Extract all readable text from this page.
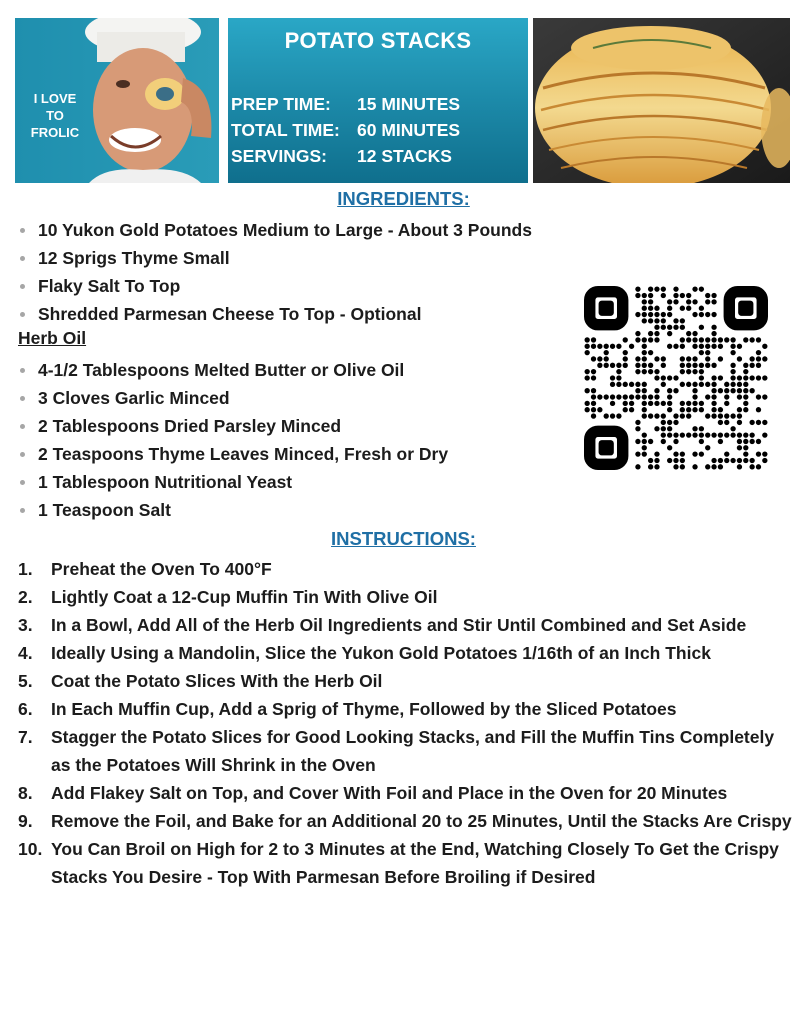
I LOVE
TO
FROLIC
POTATO STACKS
PREP TIME:	15 MINUTES
TOTAL TIME: 60 MINUTES
SERVINGS:	12 STACKS
INGREDIENTS:
10 Yukon Gold Potatoes Medium to Large - About 3 Pounds
12 Sprigs Thyme Small
Flaky Salt To Top
Shredded Parmesan Cheese To Top - Optional
Herb Oil
4-1/2 Tablespoons Melted Butter or Olive Oil
3 Cloves Garlic Minced
2 Tablespoons Dried Parsley Minced
2 Teaspoons Thyme Leaves Minced, Fresh or Dry
1 Tablespoon Nutritional Yeast
1 Teaspoon Salt
INSTRUCTIONS:
1.	Preheat the Oven To 400°F
2.	Lightly Coat a 12-Cup Muffin Tin With Olive Oil
3.	In a Bowl, Add All of the Herb Oil Ingredients and Stir Until Combined and Set Aside
4.	Ideally Using a Mandolin, Slice the Yukon Gold Potatoes 1/16th of an Inch Thick
5.	Coat the Potato Slices With the Herb Oil
6.	In Each Muffin Cup, Add a Sprig of Thyme, Followed by the Sliced Potatoes
7.	Stagger the Potato Slices for Good Looking Stacks, and Fill the Muffin Tins Completely as the Potatoes Will Shrink in the Oven
8.	Add Flakey Salt on Top, and Cover With Foil and Place in the Oven for 20 Minutes
9.	Remove the Foil, and Bake for an Additional 20 to 25 Minutes, Until the Stacks Are Crispy
10. You Can Broil on High for 2 to 3 Minutes at the End, Watching Closely To Get the Crispy Stacks You Desire - Top With Parmesan Before Broiling if Desired
